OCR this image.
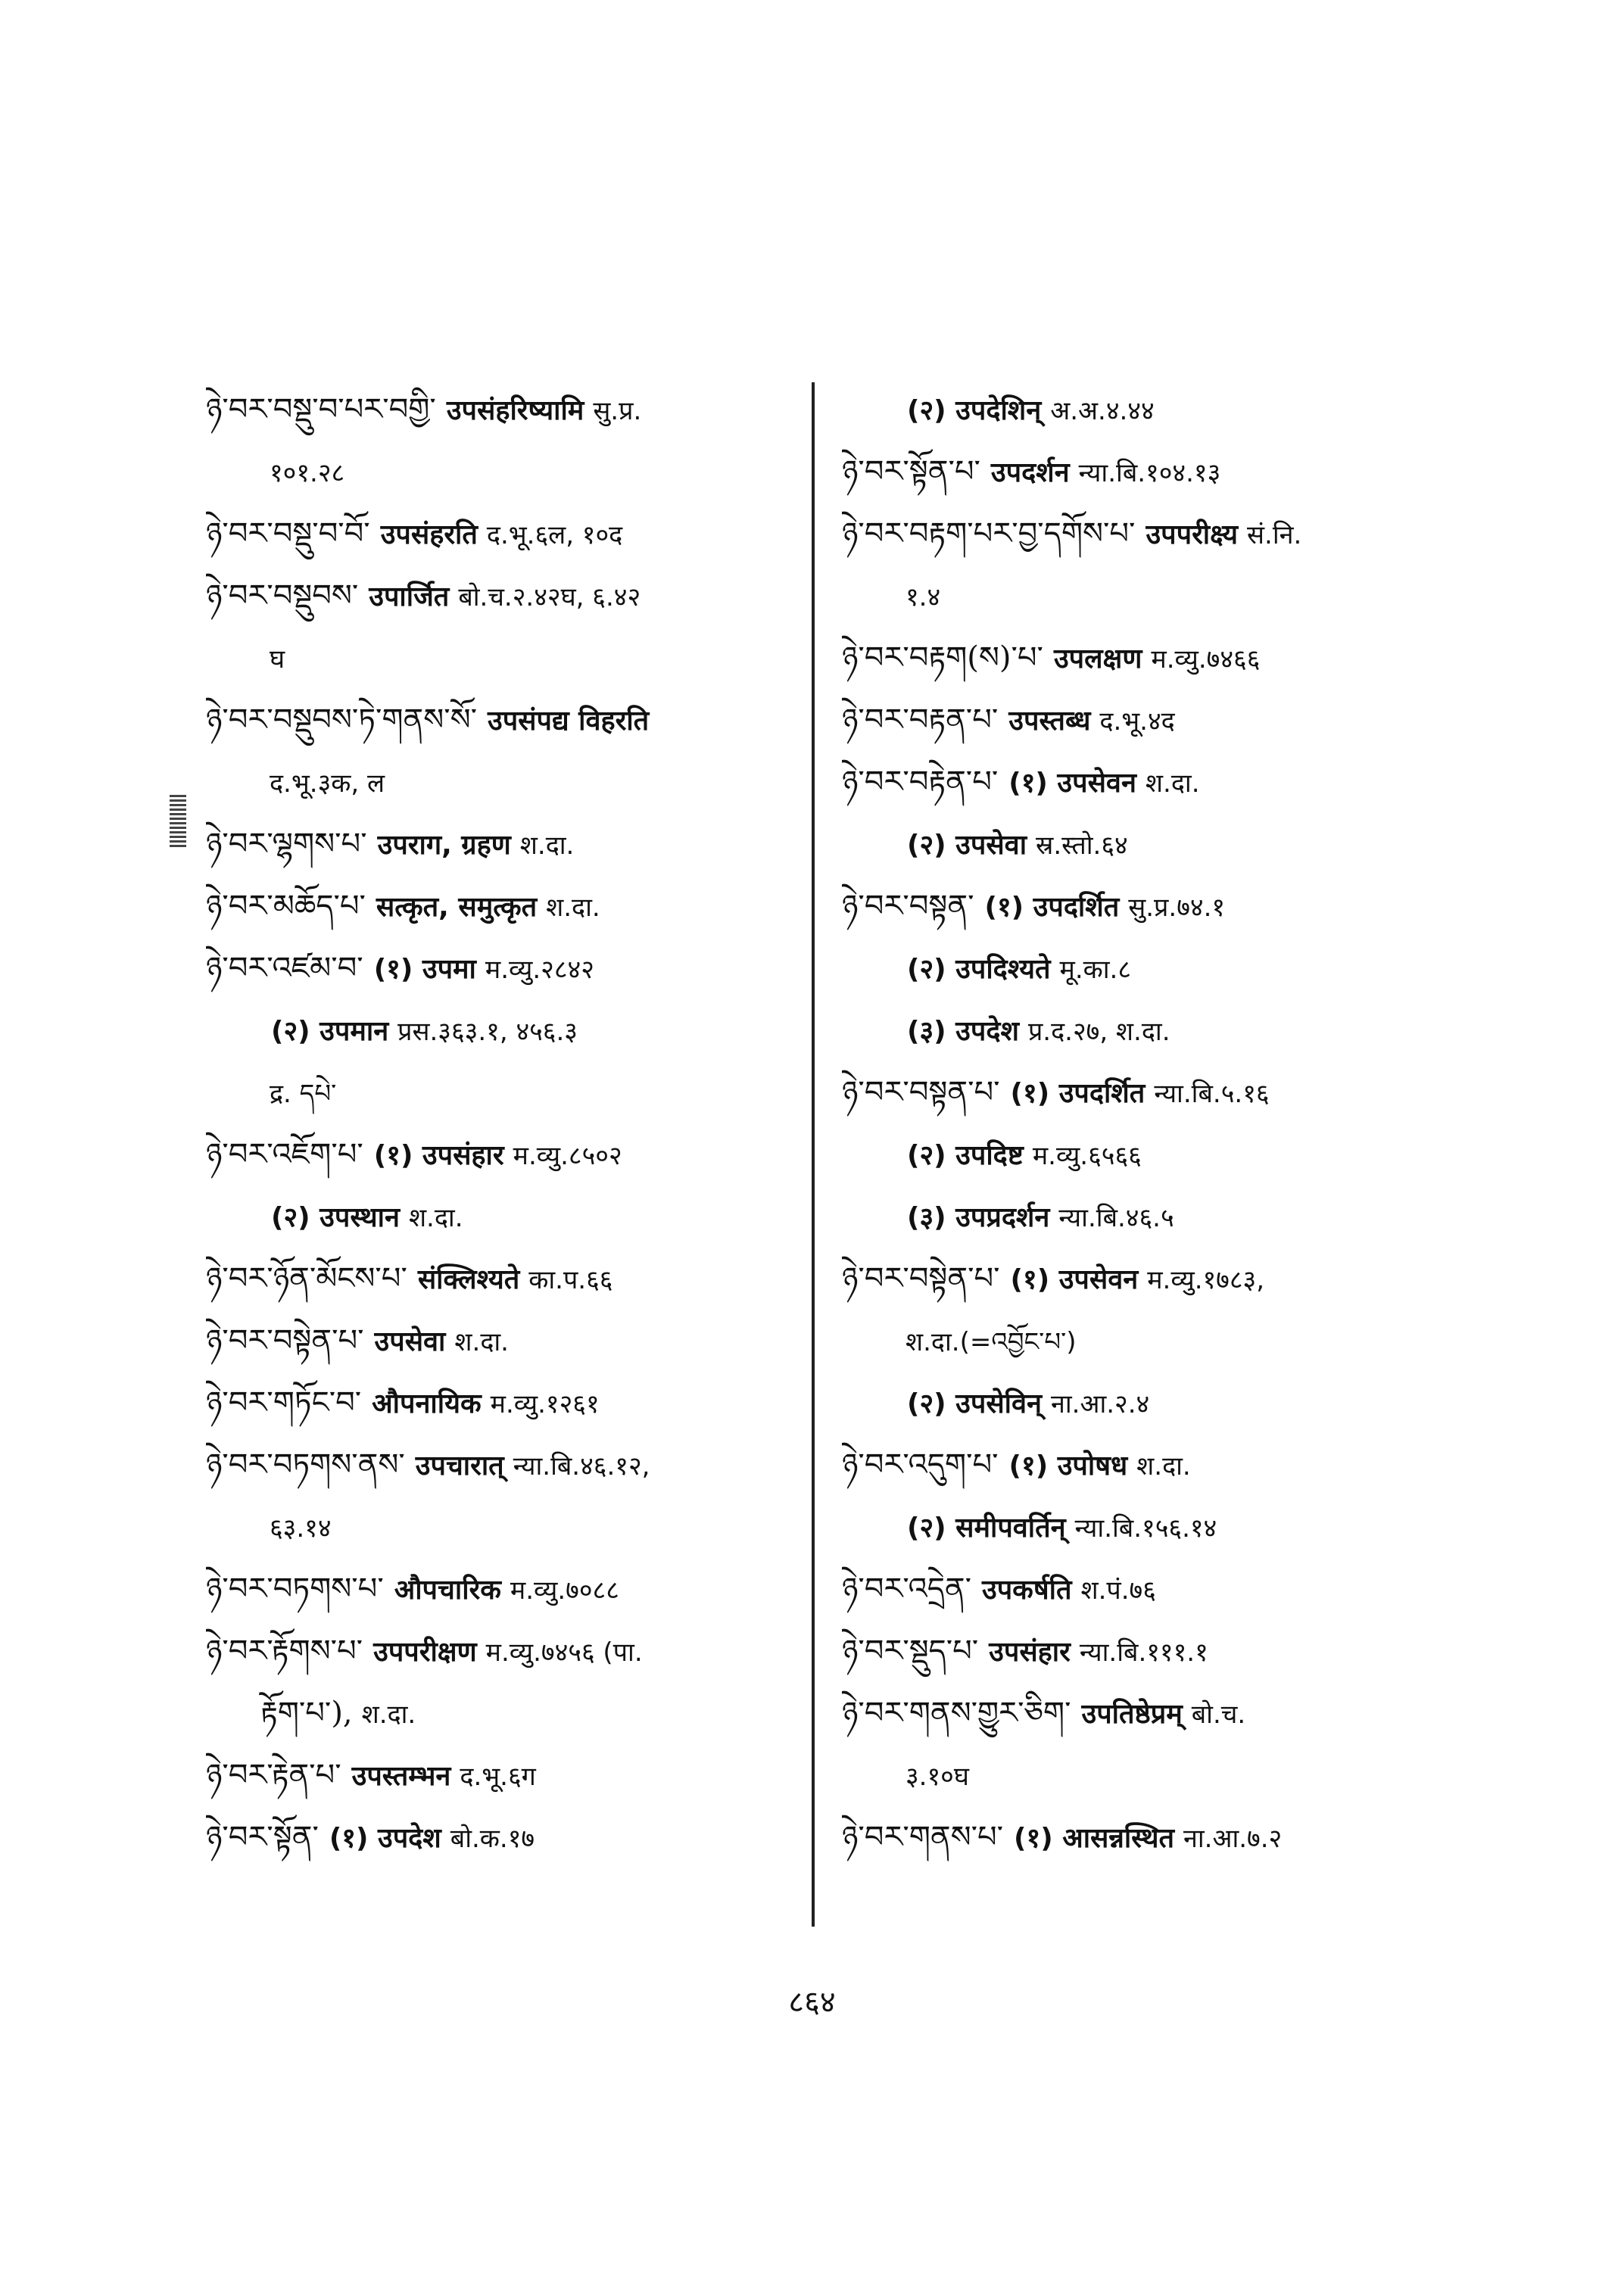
ཉེ་བར་བསྡུ་བ་པར་བགྱི་ उपसंहरिष्यामि सु.प्र.
१०१.२८
ཉེ་བར་བསྡུ་བ་བོ་ उपसंहरति द.भू.६ल, १०द
ཉེ་བར་བསྡུབས་ उपार्जित बो.च.२.४२घ, ६.४२
घ
ཉེ་བར་བསྡུབས་ཏེ་གནས་སོ་ उपसंपद्य विहरति
द.भू.३क, ल
ཉེ་བར་ལྷགས་པ་ उपराग, ग्रहण श.दा.
ཉེ་བར་མཆོད་པ་ सत्कृत, समुत्कृत श.दा.
ཉེ་བར་འཛམ་བ་ (१) उपमा म.व्यु.२८४२
(२) उपमान प्रस.३६३.१, ४५६.३
द्र. དཔེ་
ཉེ་བར་འཇོག་པ་ (१) उपसंहार म.व्यु.८५०२
(२) उपस्थान श.दा.
ཉེ་བར་ཉོན་མོངས་པ་ संक्लिश्यते का.प.६६
ཉེ་བར་བསྟེན་པ་ उपसेवा श.दा.
ཉེ་བར་གཏོང་བ་ औपनायिक म.व्यु.१२६१
ཉེ་བར་བཏགས་ནས་ उपचारात् न्या.बि.४६.१२,
६३.१४
ཉེ་བར་བཏགས་པ་ औपचारिक म.व्यु.७०८८
ཉེ་བར་རྟོགས་པ་ उपपरीक्षण म.व्यु.७४५६ (पा.
རྟོག་པ་), श.दा.
ཉེ་བར་རྟེན་པ་ उपस्तम्भन द.भू.६ग
ཉེ་བར་སྟོན་ (१) उपदेश बो.क.१७
(२) उपदेशिन् अ.अ.४.४४
ཉེ་བར་སྟོན་པ་ उपदर्शन न्या.बि.१०४.१३
ཉེ་བར་བརྟག་པར་བྱ་དགོས་པ་ उपपरीक्ष्य सं.नि.
१.४
ཉེ་བར་བརྟག(ས)་པ་ उपलक्षण म.व्यु.७४६६
ཉེ་བར་བརྟན་པ་ उपस्तब्ध द.भू.४द
ཉེ་བར་བརྟེན་པ་ (१) उपसेवन श.दा.
(२) उपसेवा स्र.स्तो.६४
ཉེ་བར་བསྟན་ (१) उपदर्शित सु.प्र.७४.१
(२) उपदिश्यते मू.का.८
(३) उपदेश प्र.द.२७, श.दा.
ཉེ་བར་བསྟན་པ་ (१) उपदर्शित न्या.बि.५.१६
(२) उपदिष्ट म.व्यु.६५६६
(३) उपप्रदर्शन न्या.बि.४६.५
ཉེ་བར་བསྟེན་པ་ (१) उपसेवन म.व्यु.१७८३,
श.दा.(=འབྱོང་པ་)
(२) उपसेविन् ना.आ.२.४
ཉེ་བར་འདུག་པ་ (१) उपोषध श.दा.
(२) समीपवर्तिन् न्या.बि.१५६.१४
ཉེ་བར་འདྲེན་ उपकर्षति श.पं.७६
ཉེ་བར་སྡུད་པ་ उपसंहार न्या.बि.१११.१
ཉེ་བར་གནས་གྱུར་ཅིག་ उपतिष्ठेप्रम् बो.च.
३.१०घ
ཉེ་བར་གནས་པ་ (१) आसन्नस्थित ना.आ.७.२
८६४
